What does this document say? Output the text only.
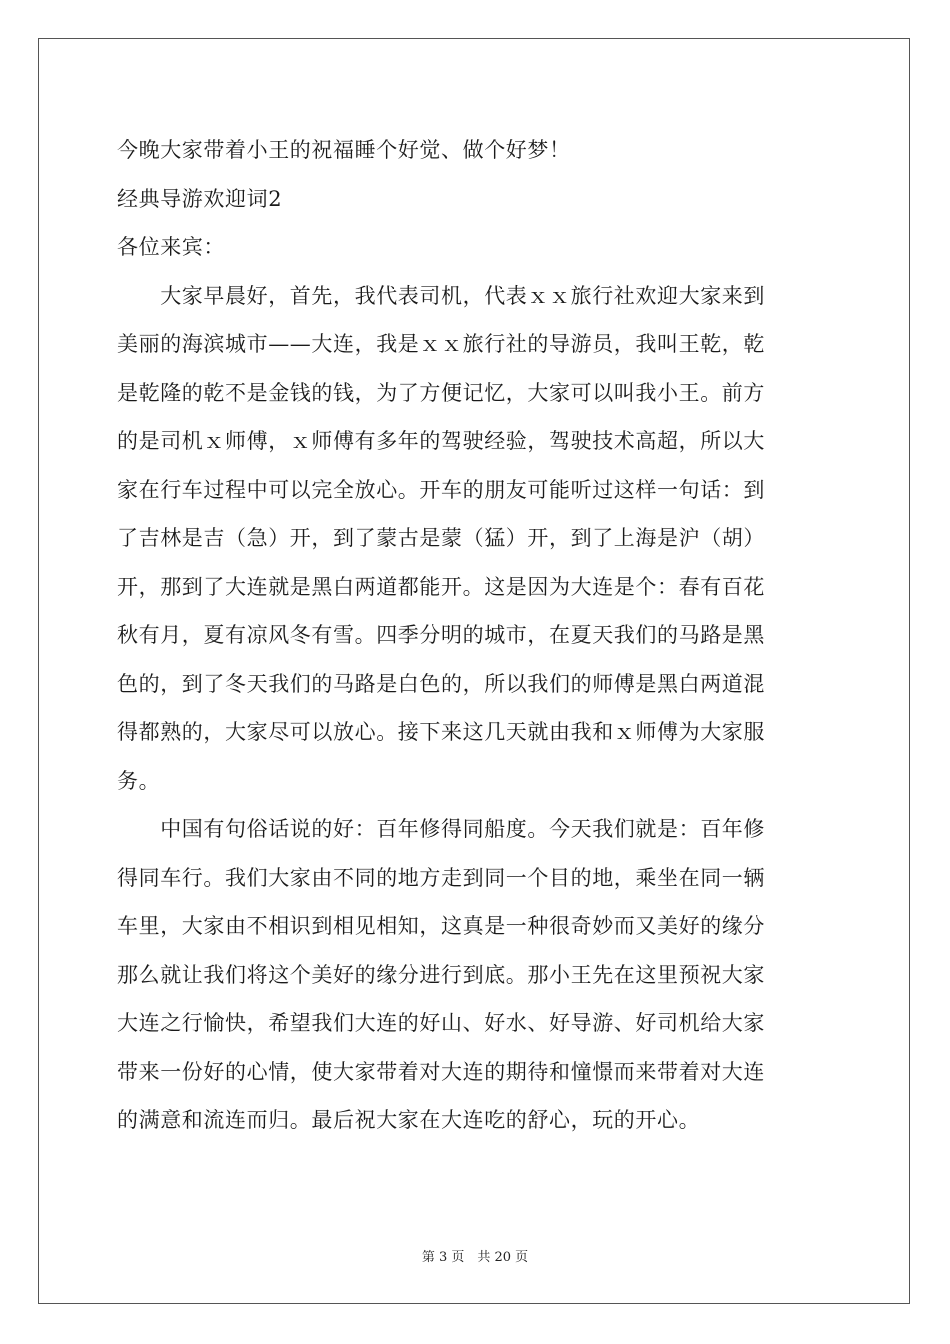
今晚大家带着小王的祝福睡个好觉、做个好梦！
经典导游欢迎词2
各位来宾：
　　大家早晨好，首先，我代表司机，代表ｘｘ旅行社欢迎大家来到
美丽的海滨城市——大连，我是ｘｘ旅行社的导游员，我叫王乾，乾
是乾隆的乾不是金钱的钱，为了方便记忆，大家可以叫我小王。前方
的是司机ｘ师傅，ｘ师傅有多年的驾驶经验，驾驶技术高超，所以大
家在行车过程中可以完全放心。开车的朋友可能听过这样一句话：到
了吉林是吉（急）开，到了蒙古是蒙（猛）开，到了上海是沪（胡）
开，那到了大连就是黑白两道都能开。这是因为大连是个：春有百花
秋有月，夏有凉风冬有雪。四季分明的城市，在夏天我们的马路是黑
色的，到了冬天我们的马路是白色的，所以我们的师傅是黑白两道混
得都熟的，大家尽可以放心。接下来这几天就由我和ｘ师傅为大家服
务。
　　中国有句俗话说的好：百年修得同船度。今天我们就是：百年修
得同车行。我们大家由不同的地方走到同一个目的地，乘坐在同一辆
车里，大家由不相识到相见相知，这真是一种很奇妙而又美好的缘分
那么就让我们将这个美好的缘分进行到底。那小王先在这里预祝大家
大连之行愉快，希望我们大连的好山、好水、好导游、好司机给大家
带来一份好的心情，使大家带着对大连的期待和憧憬而来带着对大连
的满意和流连而归。最后祝大家在大连吃的舒心，玩的开心。
第 3 页　共 20 页
